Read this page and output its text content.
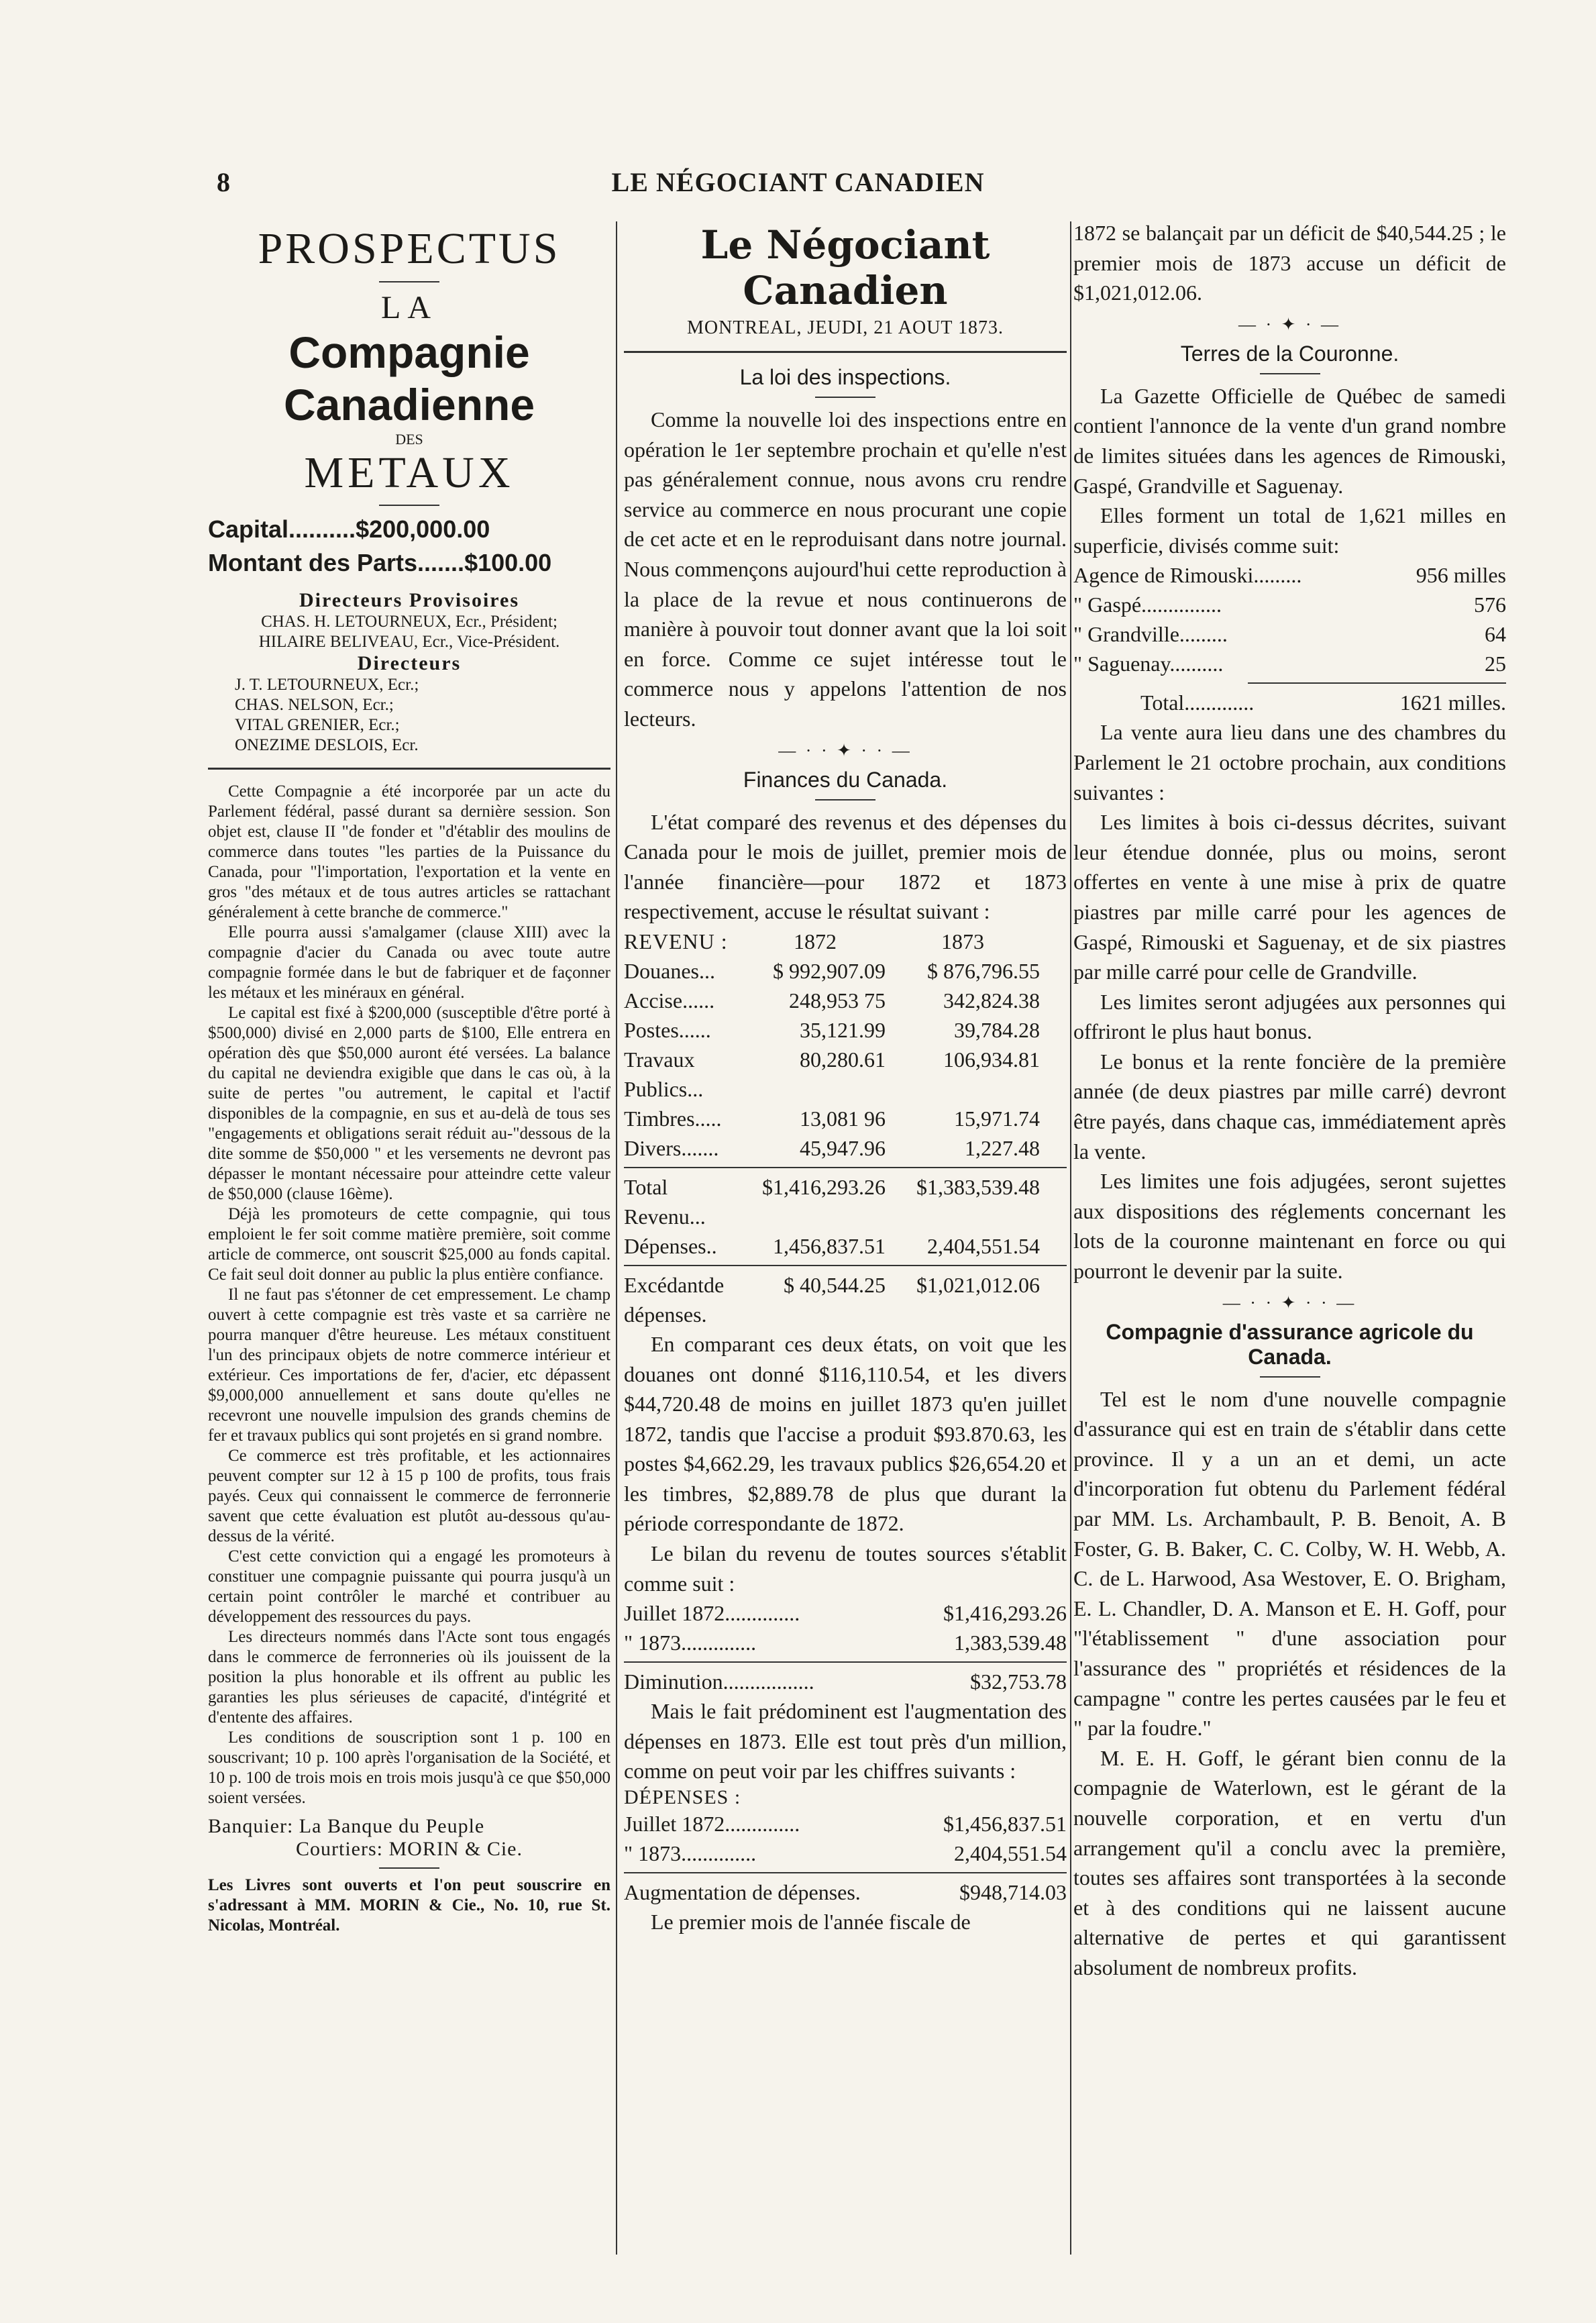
8	LE NÉGOCIANT CANADIEN

PROSPECTUS

LA

Compagnie Canadienne

DES

METAUX

Capital..........$200,000.00

Montant des Parts.......$100.00

Directeurs Provisoires

CHAS. H. LETOURNEUX, Ecr., Président;

HILAIRE BELIVEAU, Ecr., Vice-Président.

Directeurs

J. T. LETOURNEUX, Ecr.;

CHAS. NELSON, Ecr.;

VITAL GRENIER, Ecr.;

ONEZIME DESLOIS, Ecr.

Cette Compagnie a été incorporée par un acte du Parlement fédéral, passé durant sa dernière session. Son objet est, clause II "de fonder et "d'établir des moulins de commerce dans toutes "les parties de la Puissance du Canada, pour "l'importation, l'exportation et la vente en gros "des métaux et de tous autres articles se rattachant généralement à cette branche de commerce."

Elle pourra aussi s'amalgamer (clause XIII) avec la compagnie d'acier du Canada ou avec toute autre compagnie formée dans le but de fabriquer et de façonner les métaux et les minéraux en général.

Le capital est fixé à $200,000 (susceptible d'être porté à $500,000) divisé en 2,000 parts de $100, Elle entrera en opération dès que $50,000 auront été versées. La balance du capital ne deviendra exigible que dans le cas où, à la suite de pertes "ou autrement, le capital et l'actif disponibles de la compagnie, en sus et au-delà de tous ses "engagements et obligations serait réduit au-"dessous de la dite somme de $50,000 " et les versements ne devront pas dépasser le montant nécessaire pour atteindre cette valeur de $50,000 (clause 16ème).

Déjà les promoteurs de cette compagnie, qui tous emploient le fer soit comme matière première, soit comme article de commerce, ont souscrit $25,000 au fonds capital. Ce fait seul doit donner au public la plus entière confiance.

Il ne faut pas s'étonner de cet empressement. Le champ ouvert à cette compagnie est très vaste et sa carrière ne pourra manquer d'être heureuse. Les métaux constituent l'un des principaux objets de notre commerce intérieur et extérieur. Ces importations de fer, d'acier, etc dépassent $9,000,000 annuellement et sans doute qu'elles ne recevront une nouvelle impulsion des grands chemins de fer et travaux publics qui sont projetés en si grand nombre.

Ce commerce est très profitable, et les actionnaires peuvent compter sur 12 à 15 p 100 de profits, tous frais payés. Ceux qui connaissent le commerce de ferronnerie savent que cette évaluation est plutôt au-dessous qu'au-dessus de la vérité.

C'est cette conviction qui a engagé les promoteurs à constituer une compagnie puissante qui pourra jusqu'à un certain point contrôler le marché et contribuer au développement des ressources du pays.

Les directeurs nommés dans l'Acte sont tous engagés dans le commerce de ferronneries où ils jouissent de la position la plus honorable et ils offrent au public les garanties les plus sérieuses de capacité, d'intégrité et d'entente des affaires.

Les conditions de souscription sont 1 p. 100 en souscrivant; 10 p. 100 après l'organisation de la Société, et 10 p. 100 de trois mois en trois mois jusqu'à ce que $50,000 soient versées.

Banquier: La Banque du Peuple

Courtiers: MORIN & Cie.

Les Livres sont ouverts et l'on peut souscrire en s'adressant à MM. MORIN & Cie., No. 10, rue St. Nicolas, Montréal.

Le Négociant Canadien

MONTREAL, JEUDI, 21 AOUT 1873.

La loi des inspections.

Comme la nouvelle loi des inspections entre en opération le 1er septembre prochain et qu'elle n'est pas généralement connue, nous avons cru rendre service au commerce en nous procurant une copie de cet acte et en le reproduisant dans notre journal. Nous commençons aujourd'hui cette reproduction à la place de la revue et nous continuerons de manière à pouvoir tout donner avant que la loi soit en force. Comme ce sujet intéresse tout le commerce nous y appelons l'attention de nos lecteurs.

— · · ✦ · · —

Finances du Canada.

L'état comparé des revenus et des dépenses du Canada pour le mois de juillet, premier mois de l'année financière—pour 1872 et 1873 respectivement, accuse le résultat suivant :

REVENU :	1872	1873
Douanes...	$ 992,907.09	$ 876,796.55
Accise......	248,953 75	342,824.38
Postes......	35,121.99	39,784.28
Travaux Publics...
80,280.61	106,934.81
Timbres.....	13,081 96	15,971.74
Divers.......	45,947.96	1,227.48
Total Revenu...
$1,416,293.26	$1,383,539.48
Dépenses..	1,456,837.51	2,404,551.54
Excédantde dépenses.
$ 40,544.25	$1,021,012.06

En comparant ces deux états, on voit que les douanes ont donné $116,110.54, et les divers $44,720.48 de moins en juillet 1873 qu'en juillet 1872, tandis que l'accise a produit $93.870.63, les postes $4,662.29, les travaux publics $26,654.20 et les timbres, $2,889.78 de plus que durant la période correspondante de 1872.

Le bilan du revenu de toutes sources s'établit comme suit :

Juillet 1872..............	$1,416,293.26
" 1873..............	1,383,539.48
Diminution.................	$32,753.78

Mais le fait prédominent est l'augmentation des dépenses en 1873. Elle est tout près d'un million, comme on peut voir par les chiffres suivants :

DÉPENSES :

Juillet 1872..............	$1,456,837.51
" 1873..............	2,404,551.54
Augmentation de dépenses.	$948,714.03

Le premier mois de l'année fiscale de

1872 se balançait par un déficit de $40,544.25 ; le premier mois de 1873 accuse un déficit de $1,021,012.06.

— · ✦ · —

Terres de la Couronne.

La Gazette Officielle de Québec de samedi contient l'annonce de la vente d'un grand nombre de limites situées dans les agences de Rimouski, Gaspé, Grandville et Saguenay.

Elles forment un total de 1,621 milles en superficie, divisés comme suit:

Agence de Rimouski.........	956 milles
" Gaspé...............	576
" Grandville.........	64
" Saguenay..........	25
Total.............	1621 milles.

La vente aura lieu dans une des chambres du Parlement le 21 octobre prochain, aux conditions suivantes :

Les limites à bois ci-dessus décrites, suivant leur étendue donnée, plus ou moins, seront offertes en vente à une mise à prix de quatre piastres par mille carré pour les agences de Gaspé, Rimouski et Saguenay, et de six piastres par mille carré pour celle de Grandville.

Les limites seront adjugées aux personnes qui offriront le plus haut bonus.

Le bonus et la rente foncière de la première année (de deux piastres par mille carré) devront être payés, dans chaque cas, immédiatement après la vente.

Les limites une fois adjugées, seront sujettes aux dispositions des réglements concernant les lots de la couronne maintenant en force ou qui pourront le devenir par la suite.

— · · ✦ · · —

Compagnie d'assurance agricole du Canada.

Tel est le nom d'une nouvelle compagnie d'assurance qui est en train de s'établir dans cette province. Il y a un an et demi, un acte d'incorporation fut obtenu du Parlement fédéral par MM. Ls. Archambault, P. B. Benoit, A. B Foster, G. B. Baker, C. C. Colby, W. H. Webb, A. C. de L. Harwood, Asa Westover, E. O. Brigham, E. L. Chandler, D. A. Manson et E. H. Goff, pour "l'établissement " d'une association pour l'assurance des " propriétés et résidences de la campagne " contre les pertes causées par le feu et " par la foudre."

M. E. H. Goff, le gérant bien connu de la compagnie de Waterlown, est le gérant de la nouvelle corporation, et en vertu d'un arrangement qu'il a conclu avec la première, toutes ses affaires sont transportées à la seconde et à des conditions qui ne laissent aucune alternative de pertes et qui garantissent absolument de nombreux profits.
